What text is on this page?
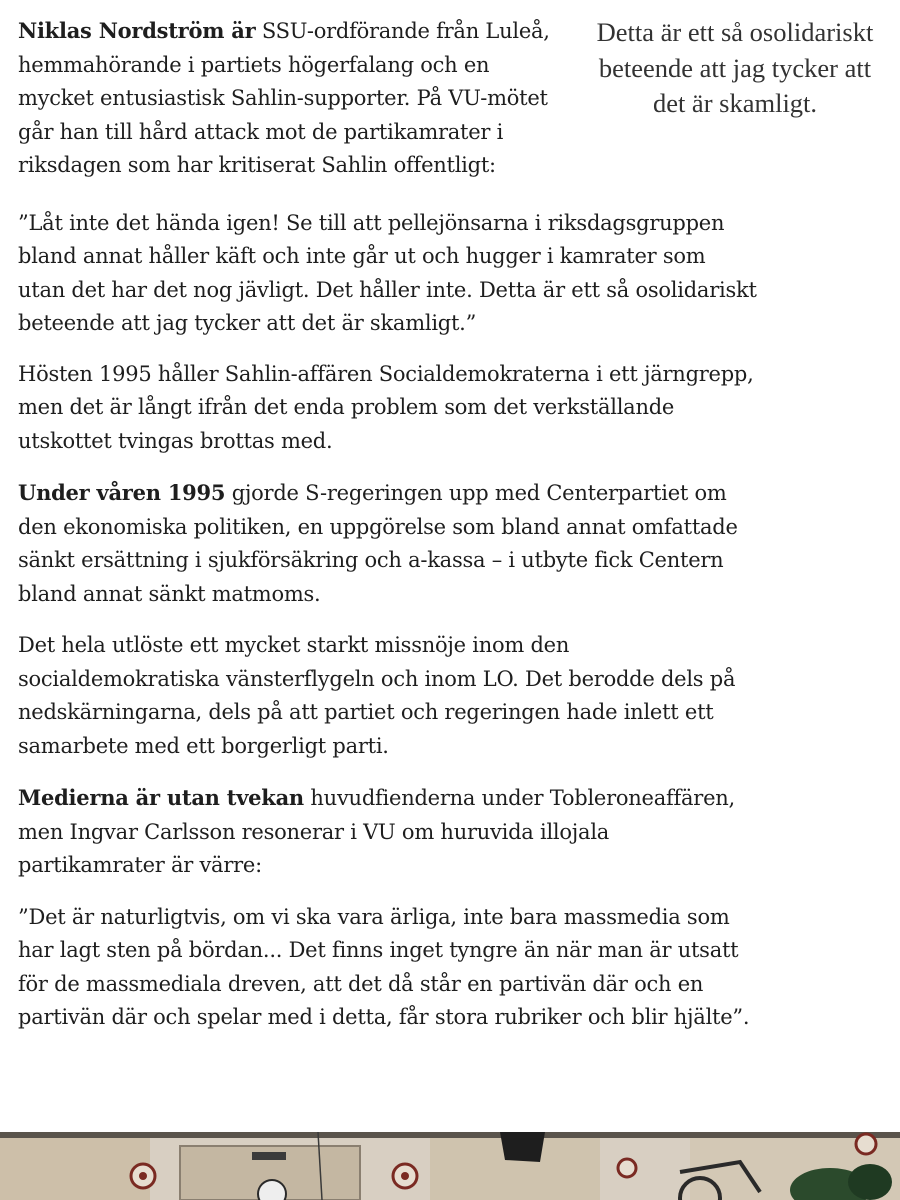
Niklas Nordström är SSU-ordförande från Luleå,
hemmahörande i partiets högerfalang och en
mycket entusiastisk Sahlin-supporter. På VU-mötet
går han till hård attack mot de partikamrater i
riksdagen som har kritiserat Sahlin offentligt:

”Låt inte det hända igen! Se till att pellejönsarna i riksdagsgruppen
bland annat håller käft och inte går ut och hugger i kamrater som
utan det har det nog jävligt. Det håller inte. Detta är ett så osolidariskt
beteende att jag tycker att det är skamligt.”

Hösten 1995 håller Sahlin-affären Socialdemokraterna i ett järngrepp,
men det är långt ifrån det enda problem som det verkställande
utskottet tvingas brottas med.

Under våren 1995 gjorde S-regeringen upp med Centerpartiet om
den ekonomiska politiken, en uppgörelse som bland annat omfattade
sänkt ersättning i sjukförsäkring och a-kassa – i utbyte fick Centern
bland annat sänkt matmoms.

Det hela utlöste ett mycket starkt missnöje inom den
socialdemokratiska vänsterflygeln och inom LO. Det berodde dels på
nedskärningarna, dels på att partiet och regeringen hade inlett ett
samarbete med ett borgerligt parti.

Medierna är utan tvekan huvudfienderna under Tobleroneaffären,
men Ingvar Carlsson resonerar i VU om huruvida illojala
partikamrater är värre:

”Det är naturligtvis, om vi ska vara ärliga, inte bara massmedia som
har lagt sten på bördan... Det finns inget tyngre än när man är utsatt
för de massmediala dreven, att det då står en partivän där och en
partivän där och spelar med i detta, får stora rubriker och blir hjälte”.

Detta är ett så osolidariskt beteende att jag tycker att det är skamligt.
